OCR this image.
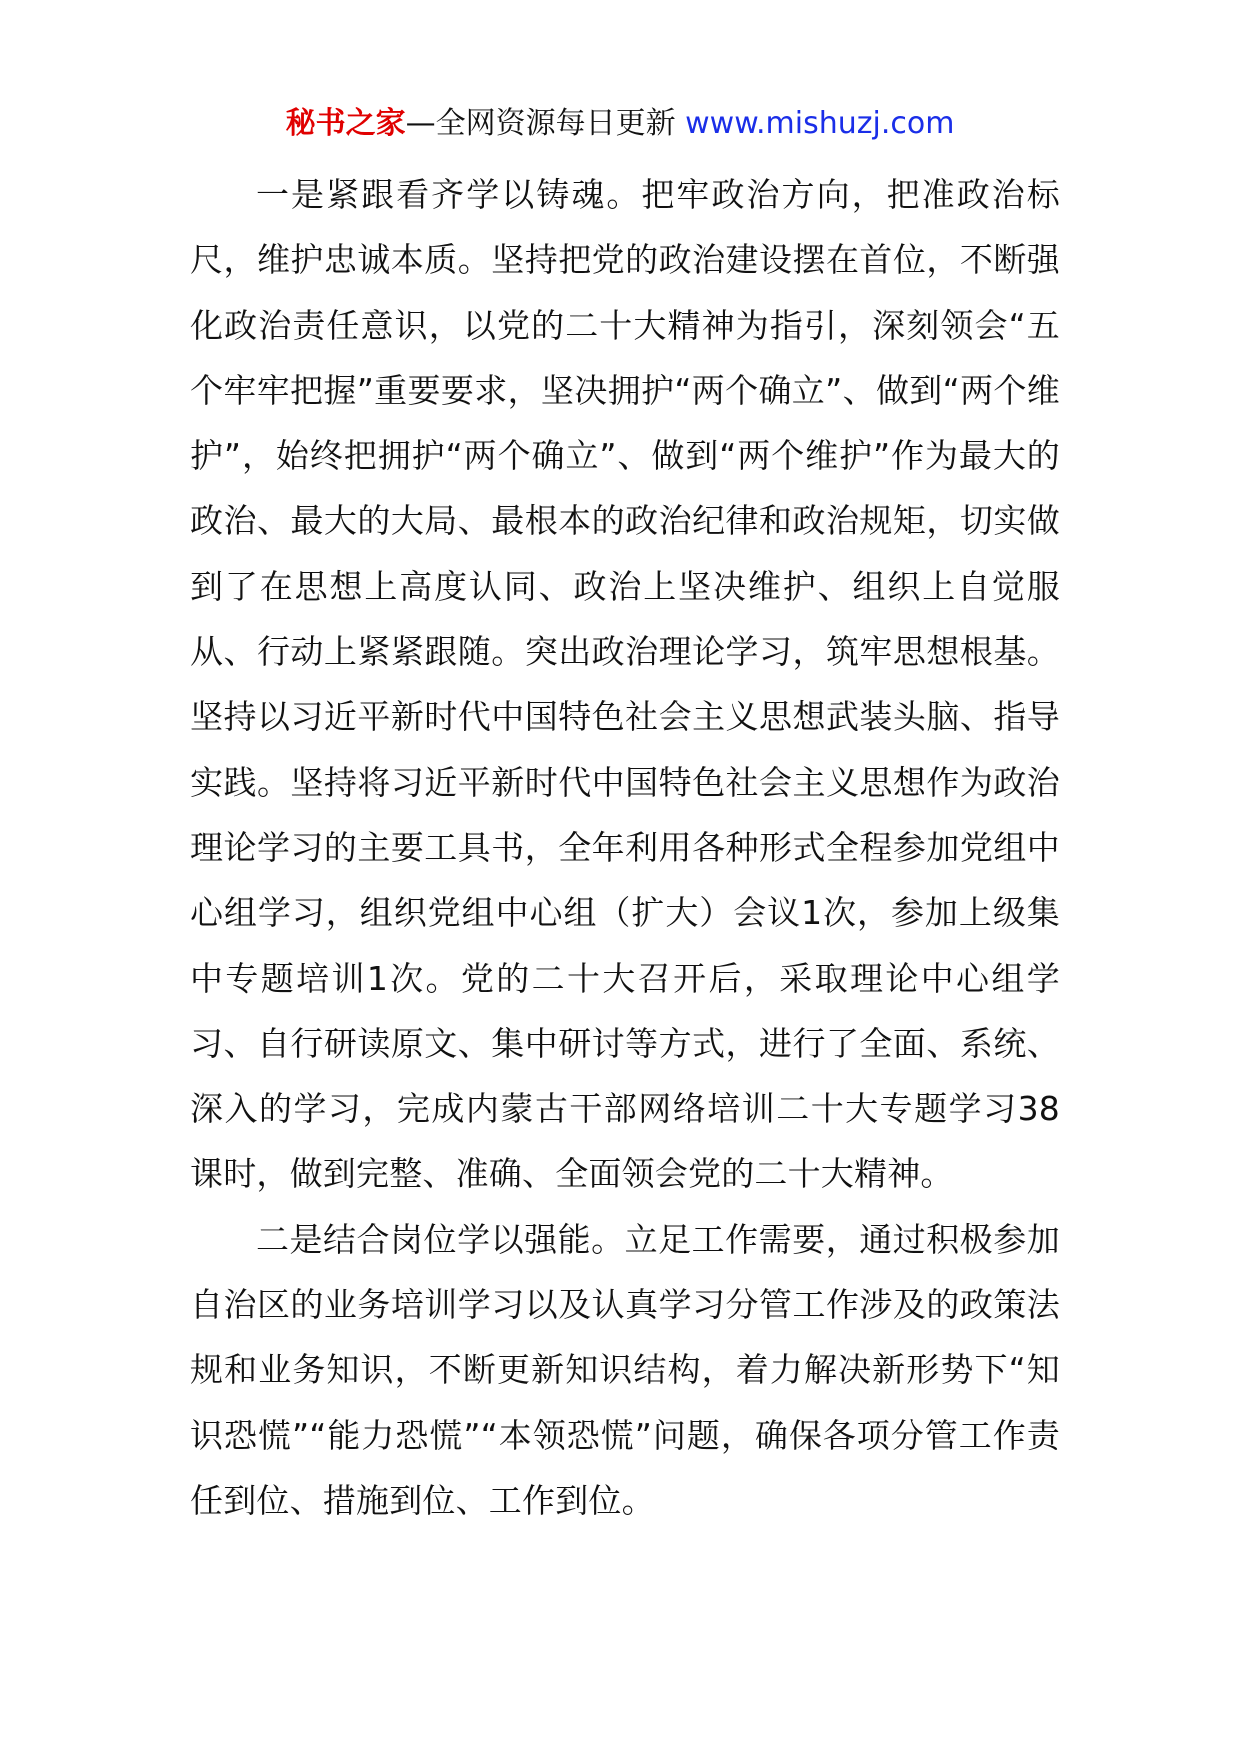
秘书之家—全网资源每日更新 www.mishuzj.com

一是紧跟看齐学以铸魂。把牢政治方向，把准政治标尺，维护忠诚本质。坚持把党的政治建设摆在首位，不断强化政治责任意识，以党的二十大精神为指引，深刻领会“五个牢牢把握”重要要求，坚决拥护“两个确立”、做到“两个维护”，始终把拥护“两个确立”、做到“两个维护”作为最大的政治、最大的大局、最根本的政治纪律和政治规矩，切实做到了在思想上高度认同、政治上坚决维护、组织上自觉服从、行动上紧紧跟随。突出政治理论学习，筑牢思想根基。坚持以习近平新时代中国特色社会主义思想武装头脑、指导实践。坚持将习近平新时代中国特色社会主义思想作为政治理论学习的主要工具书，全年利用各种形式全程参加党组中心组学习，组织党组中心组（扩大）会议1次，参加上级集中专题培训1次。党的二十大召开后，采取理论中心组学习、自行研读原文、集中研讨等方式，进行了全面、系统、深入的学习，完成内蒙古干部网络培训二十大专题学习38课时，做到完整、准确、全面领会党的二十大精神。

二是结合岗位学以强能。立足工作需要，通过积极参加自治区的业务培训学习以及认真学习分管工作涉及的政策法规和业务知识，不断更新知识结构，着力解决新形势下“知识恐慌”“能力恐慌”“本领恐慌”问题，确保各项分管工作责任到位、措施到位、工作到位。
